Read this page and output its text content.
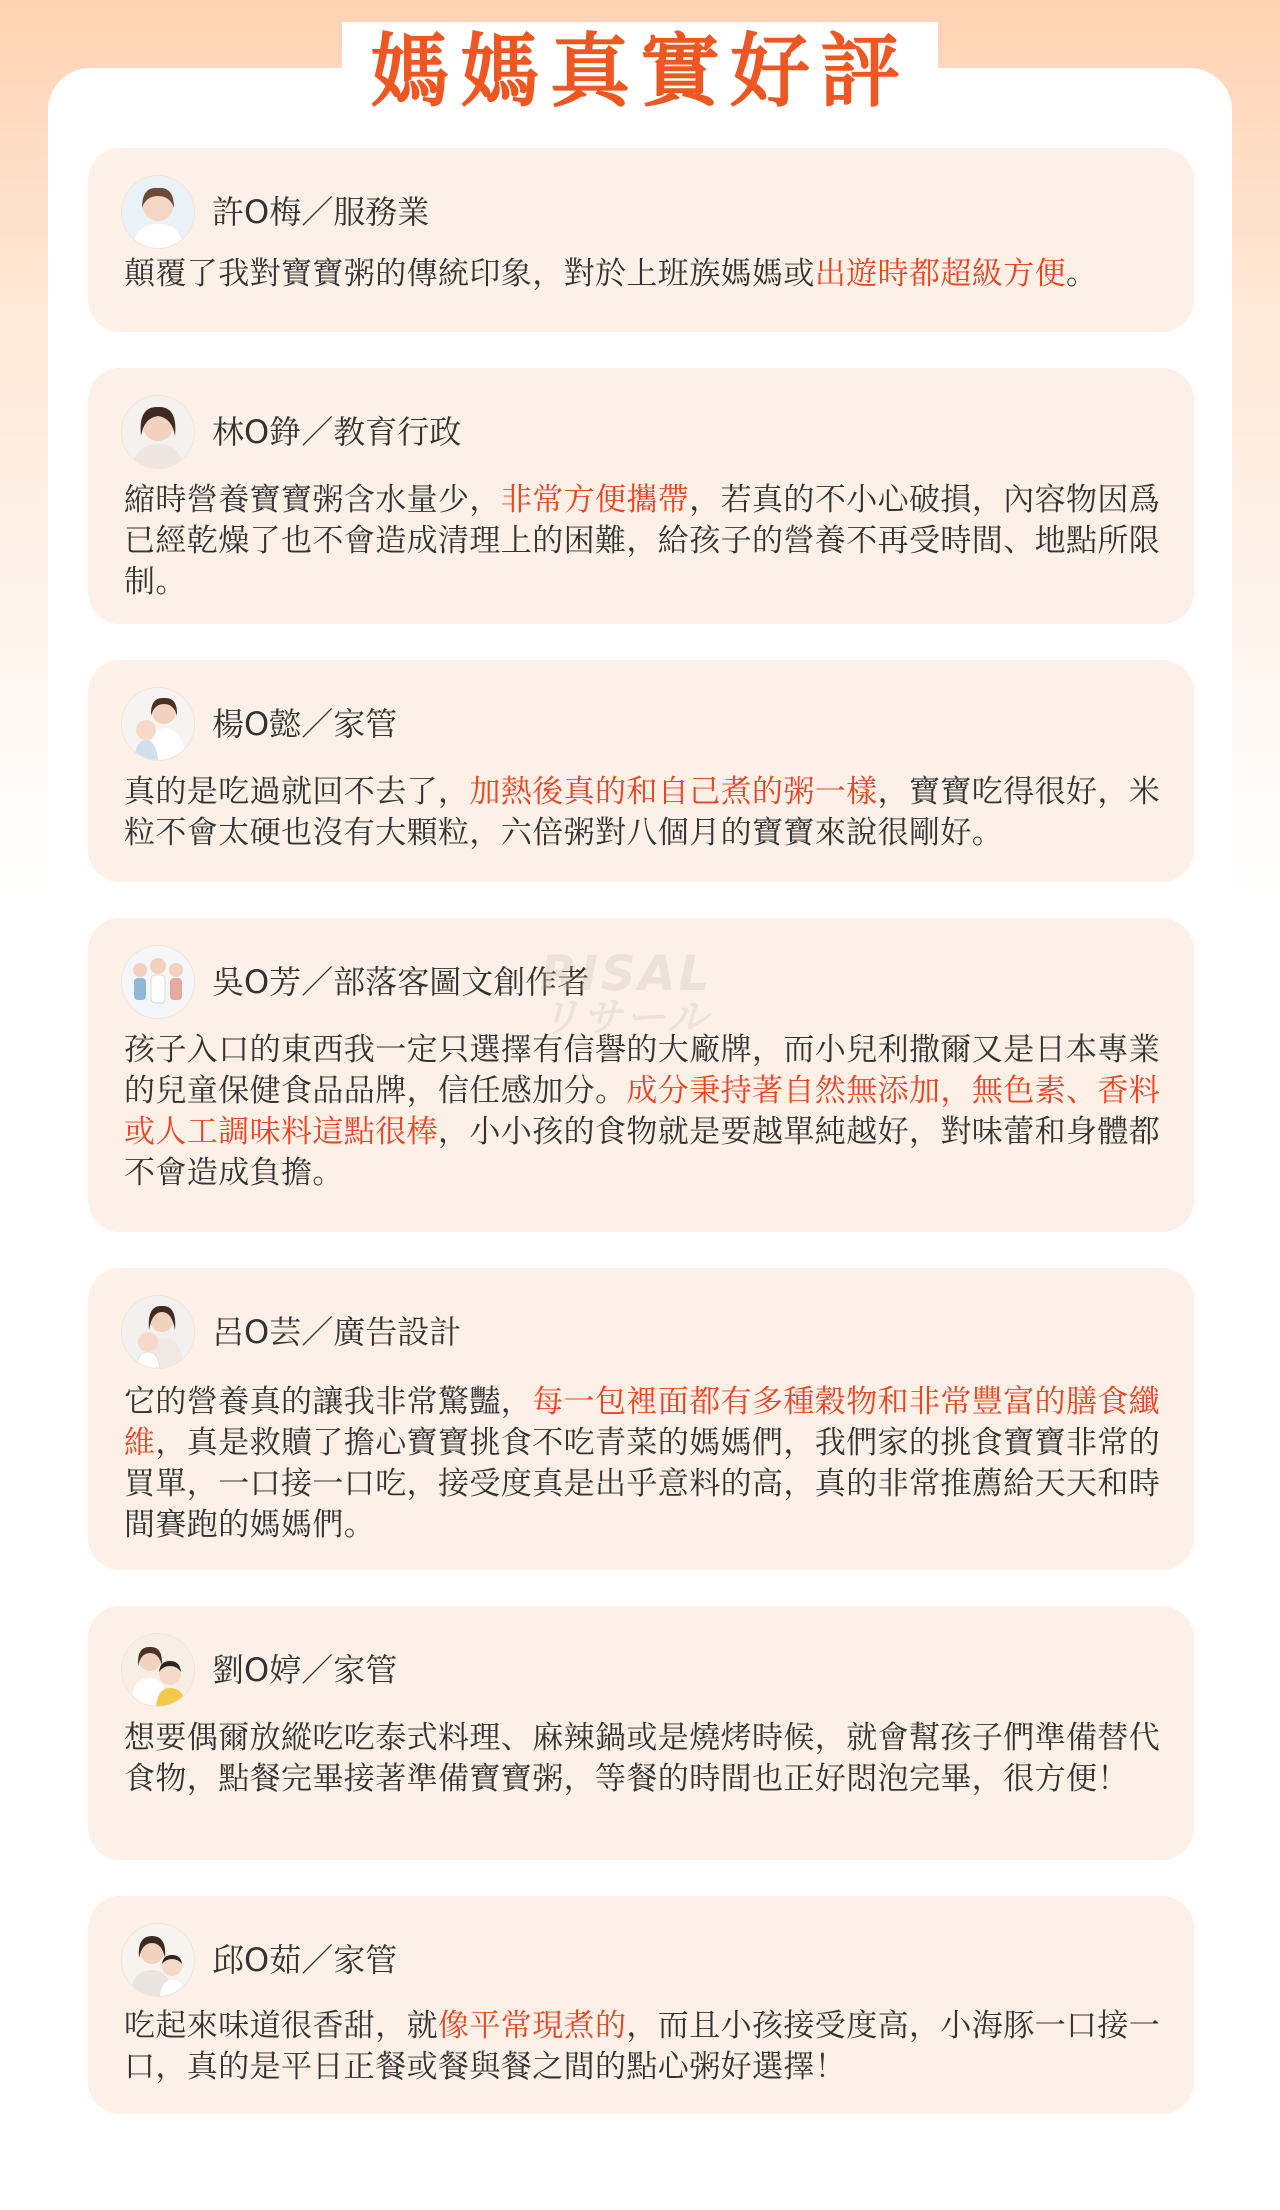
媽媽真實好評
RISAL
リサール
許O梅／服務業
顛覆了我對寶寶粥的傳統印象，對於上班族媽媽或出遊時都超級方便。
林O錚／教育行政
縮時營養寶寶粥含水量少，非常方便攜帶，若真的不小心破損，內容物因爲已經乾燥了也不會造成清理上的困難，給孩子的營養不再受時間、地點所限制。
楊O懿／家管
真的是吃過就回不去了，加熱後真的和自己煮的粥一樣，寶寶吃得很好，米粒不會太硬也沒有大顆粒，六倍粥對八個月的寶寶來說很剛好。
吳O芳／部落客圖文創作者
孩子入口的東西我一定只選擇有信譽的大廠牌，而小兒利撒爾又是日本專業的兒童保健食品品牌，信任感加分。成分秉持著自然無添加，無色素、香料或人工調味料這點很棒，小小孩的食物就是要越單純越好，對味蕾和身體都不會造成負擔。
呂O芸／廣告設計
它的營養真的讓我非常驚豔，每一包裡面都有多種穀物和非常豐富的膳食纖維，真是救贖了擔心寶寶挑食不吃青菜的媽媽們，我們家的挑食寶寶非常的買單，一口接一口吃，接受度真是出乎意料的高，真的非常推薦給天天和時間賽跑的媽媽們。
劉O婷／家管
想要偶爾放縱吃吃泰式料理、麻辣鍋或是燒烤時候，就會幫孩子們準備替代食物，點餐完畢接著準備寶寶粥，等餐的時間也正好悶泡完畢，很方便！
邱O茹／家管
吃起來味道很香甜，就像平常現煮的，而且小孩接受度高，小海豚一口接一口，真的是平日正餐或餐與餐之間的點心粥好選擇！
